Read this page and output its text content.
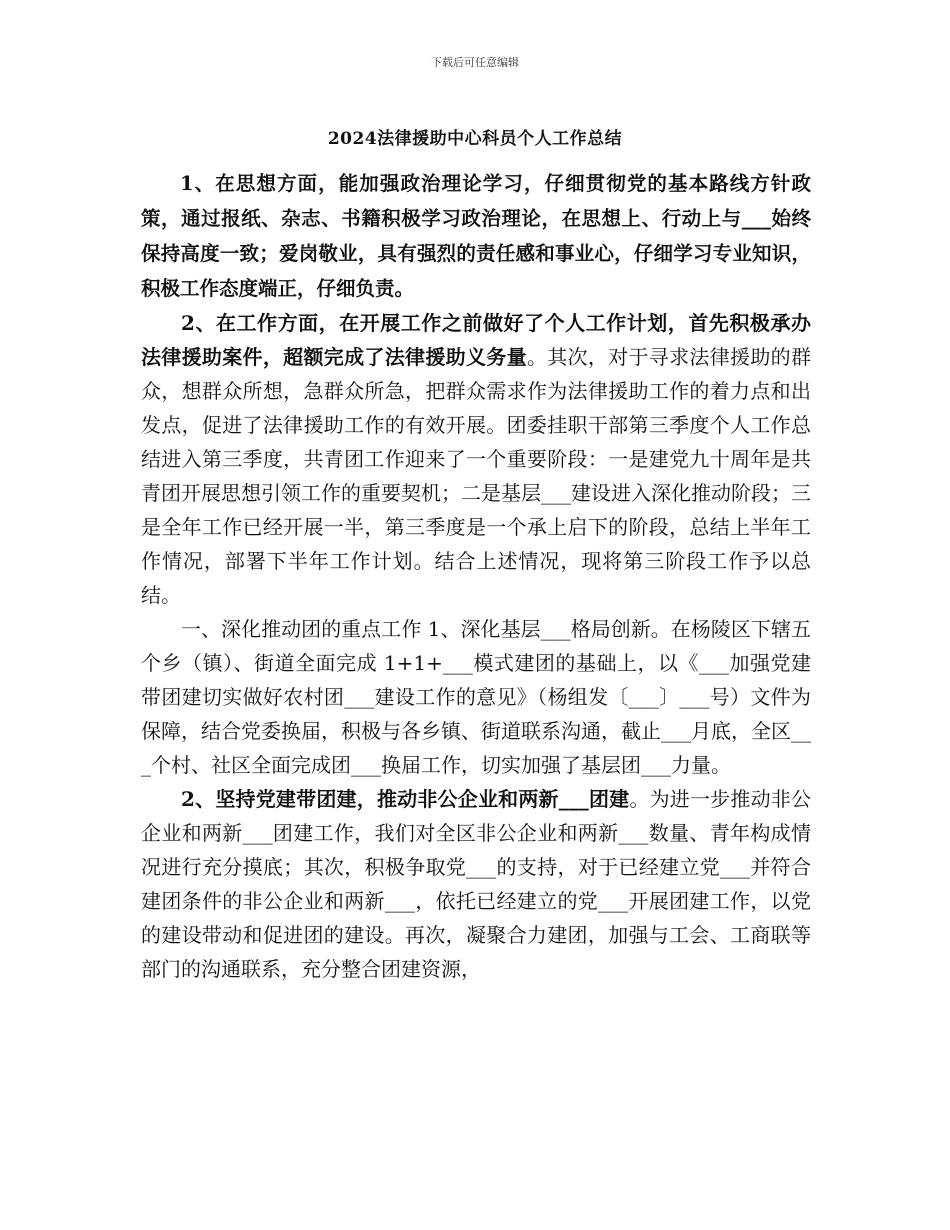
下载后可任意编辑
2024法律援助中心科员个人工作总结

1、在思想方面，能加强政治理论学习，仔细贯彻党的基本路线方针政策，通过报纸、杂志、书籍积极学习政治理论，在思想上、行动上与___始终保持高度一致；爱岗敬业，具有强烈的责任感和事业心，仔细学习专业知识，积极工作态度端正，仔细负责。

2、在工作方面，在开展工作之前做好了个人工作计划，首先积极承办法律援助案件，超额完成了法律援助义务量。其次，对于寻求法律援助的群众，想群众所想，急群众所急，把群众需求作为法律援助工作的着力点和出发点，促进了法律援助工作的有效开展。团委挂职干部第三季度个人工作总结进入第三季度，共青团工作迎来了一个重要阶段：一是建党九十周年是共青团开展思想引领工作的重要契机；二是基层___建设进入深化推动阶段；三是全年工作已经开展一半，第三季度是一个承上启下的阶段，总结上半年工作情况，部署下半年工作计划。结合上述情况，现将第三阶段工作予以总结。

一、深化推动团的重点工作 1、深化基层___格局创新。在杨陵区下辖五个乡（镇）、街道全面完成 1+1+___模式建团的基础上，以《___加强党建带团建切实做好农村团___建设工作的意见》（杨组发〔___〕___号）文件为保障，结合党委换届，积极与各乡镇、街道联系沟通，截止___月底，全区___个村、社区全面完成团___换届工作，切实加强了基层团___力量。

2、坚持党建带团建，推动非公企业和两新___团建。为进一步推动非公企业和两新___团建工作，我们对全区非公企业和两新___数量、青年构成情况进行充分摸底；其次，积极争取党___的支持，对于已经建立党___并符合建团条件的非公企业和两新___，依托已经建立的党___开展团建工作，以党的建设带动和促进团的建设。再次，凝聚合力建团，加强与工会、工商联等部门的沟通联系，充分整合团建资源，
